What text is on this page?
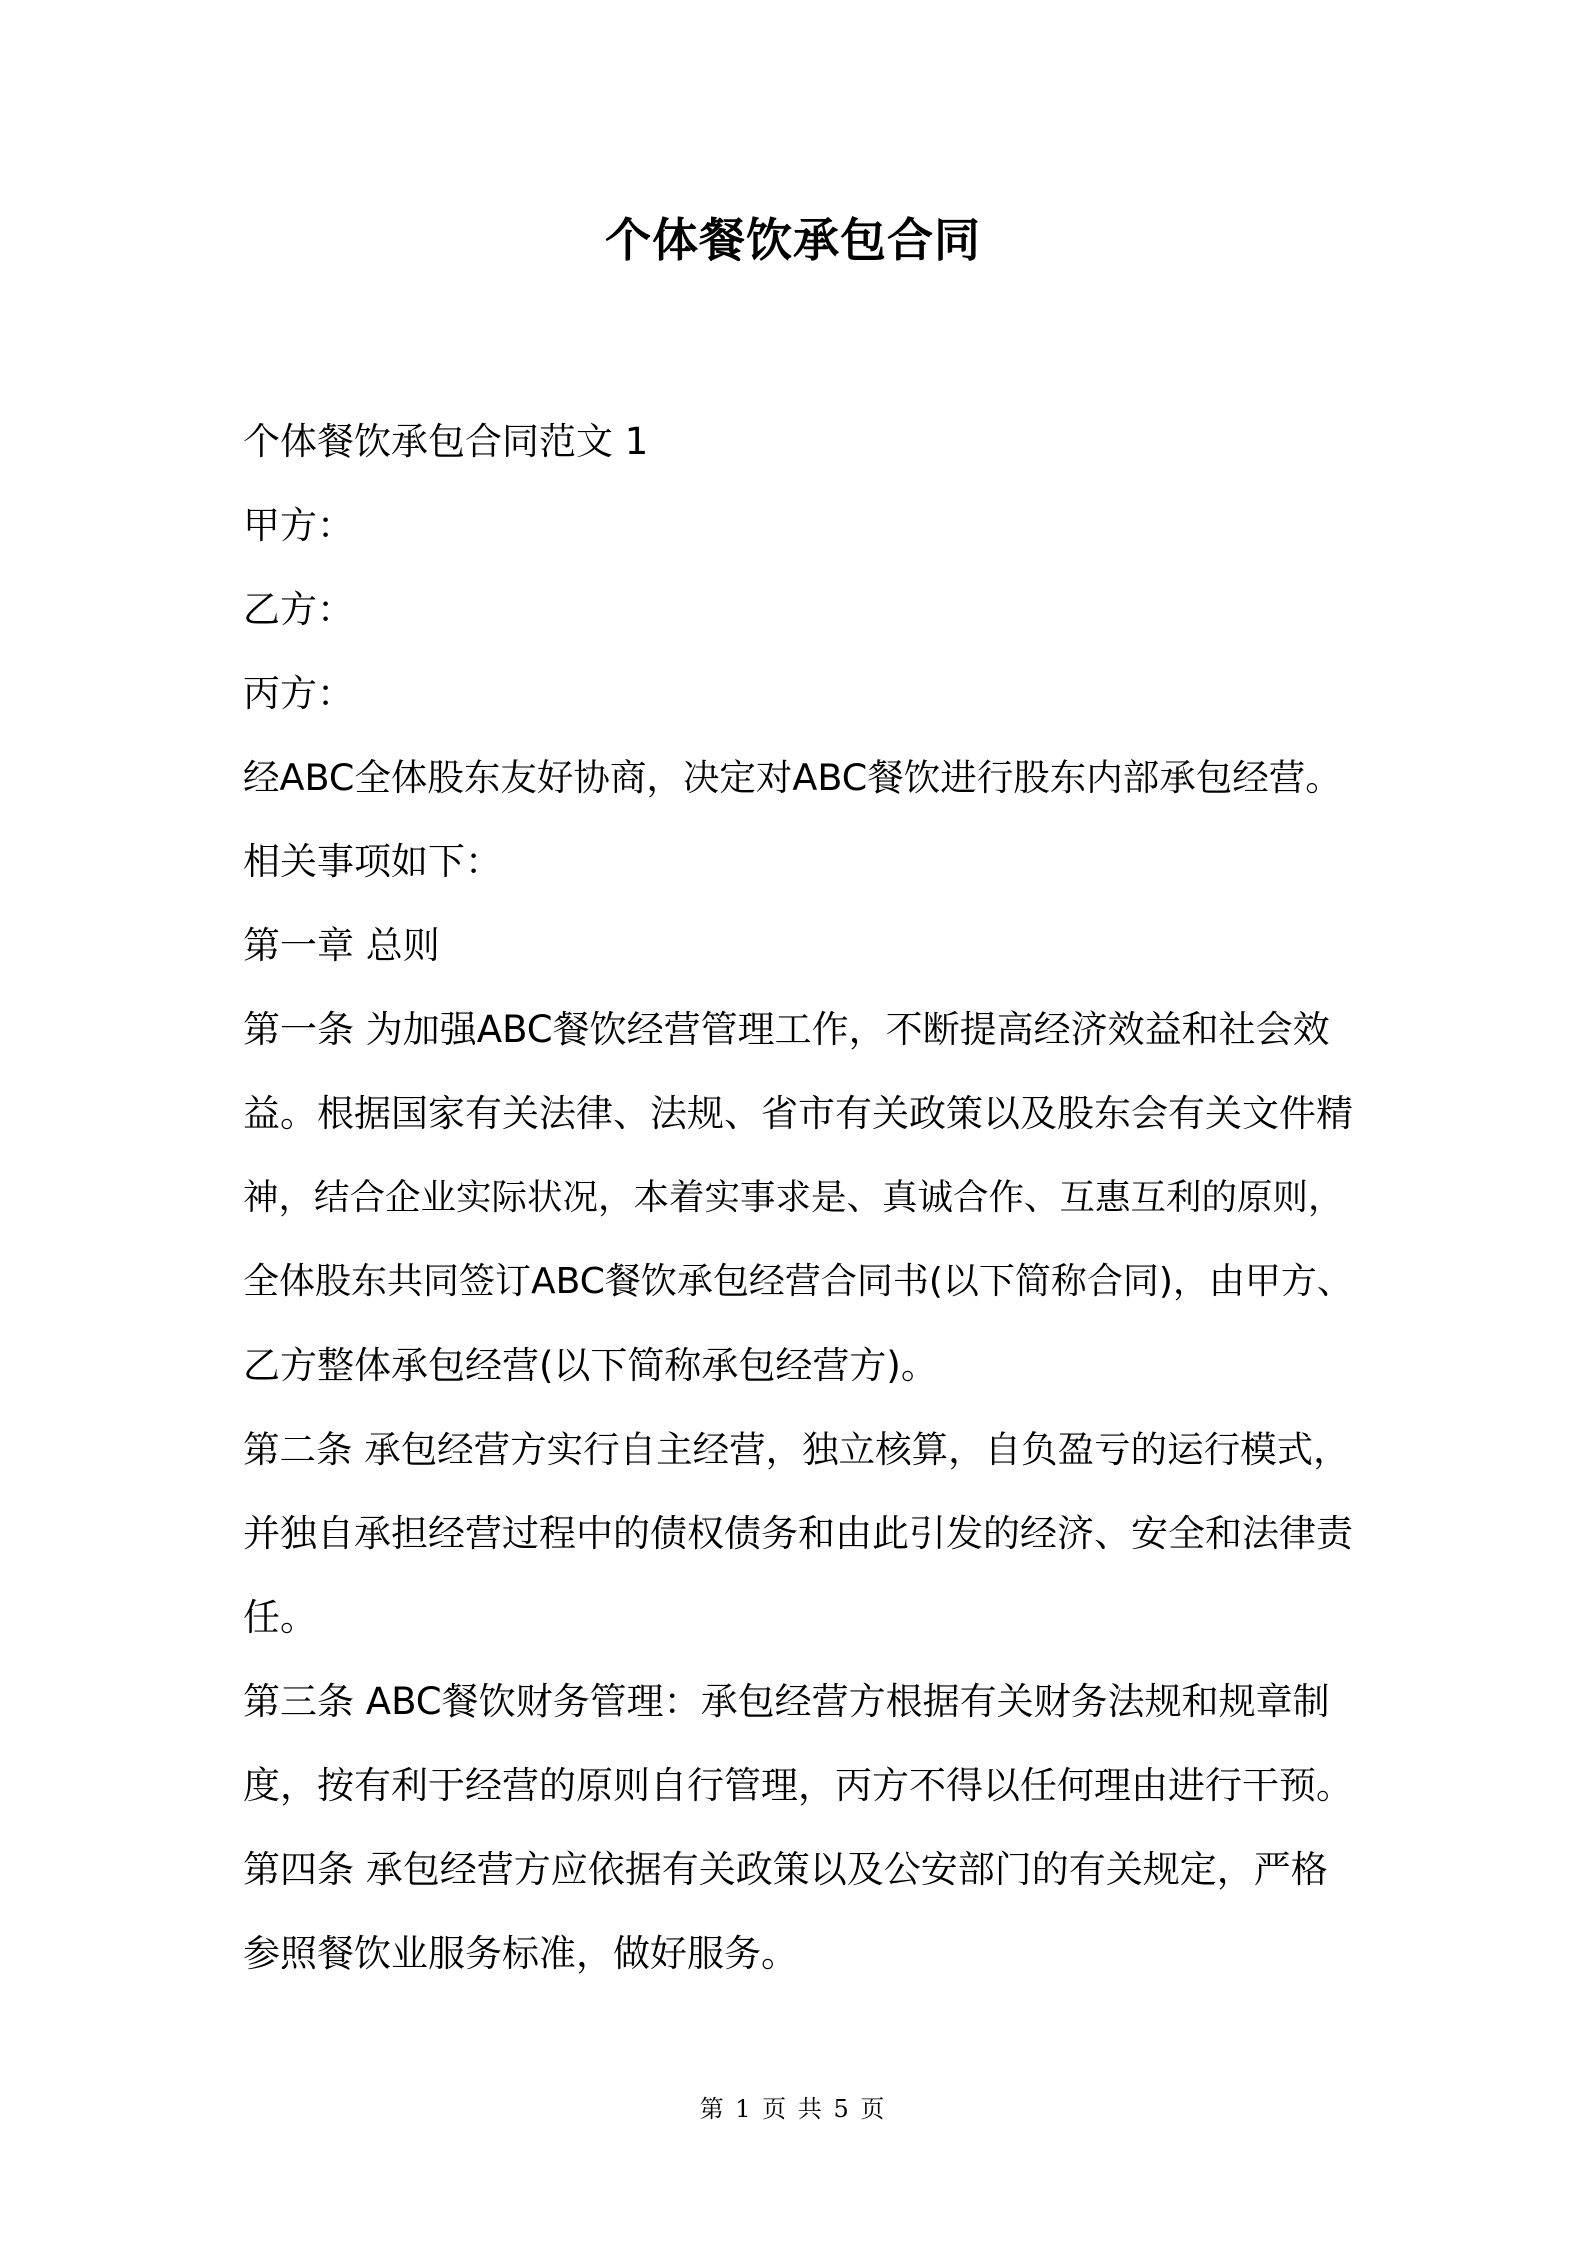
个体餐饮承包合同

个体餐饮承包合同范文 1

甲方：

乙方：

丙方：

经ABC全体股东友好协商，决定对ABC餐饮进行股东内部承包经营。

相关事项如下：

第一章 总则

第一条 为加强ABC餐饮经营管理工作，不断提高经济效益和社会效

益。根据国家有关法律、法规、省市有关政策以及股东会有关文件精

神，结合企业实际状况，本着实事求是、真诚合作、互惠互利的原则，

全体股东共同签订ABC餐饮承包经营合同书(以下简称合同)，由甲方、

乙方整体承包经营(以下简称承包经营方)。

第二条 承包经营方实行自主经营，独立核算，自负盈亏的运行模式，

并独自承担经营过程中的债权债务和由此引发的经济、安全和法律责

任。

第三条 ABC餐饮财务管理：承包经营方根据有关财务法规和规章制

度，按有利于经营的原则自行管理，丙方不得以任何理由进行干预。

第四条 承包经营方应依据有关政策以及公安部门的有关规定，严格

参照餐饮业服务标准，做好服务。

第 1 页 共 5 页
